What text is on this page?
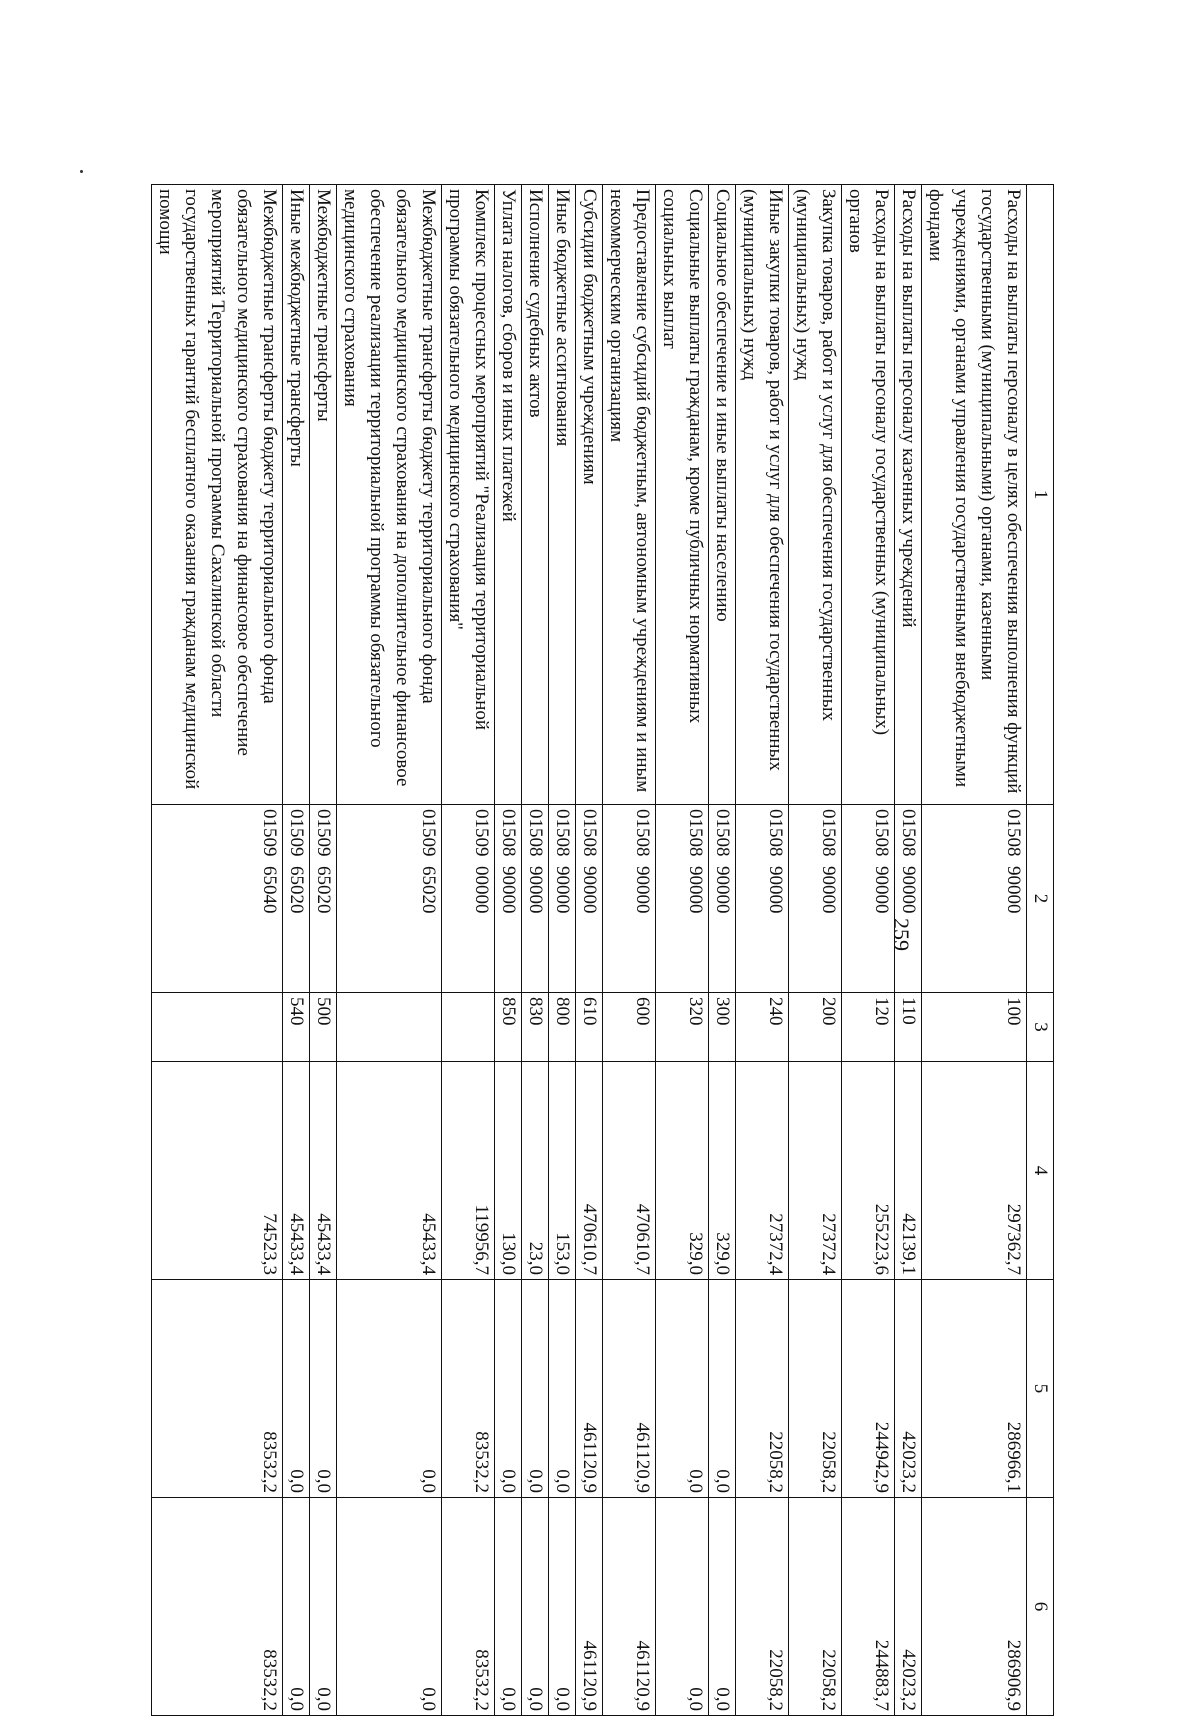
259
1	2	3	4	5	6
Расходы на выплаты персоналу в целях обеспечения выполнения функций государственными (муниципальными) органами, казенными учреждениями, органами управления государственными внебюджетными фондами	01508  90000	100	297362,7	286966,1	286906,9
Расходы на выплаты персоналу казенных учреждений	01508  90000	110	42139,1	42023,2	42023,2
Расходы на выплаты персоналу государственных (муниципальных) органов	01508  90000	120	255223,6	244942,9	244883,7
Закупка товаров, работ и услуг для обеспечения государственных (муниципальных) нужд	01508  90000	200	27372,4	22058,2	22058,2
Иные закупки товаров, работ и услуг для обеспечения государственных (муниципальных) нужд	01508  90000	240	27372,4	22058,2	22058,2
Социальное обеспечение и иные выплаты населению	01508  90000	300	329,0	0,0	0,0
Социальные выплаты гражданам, кроме публичных нормативных социальных выплат	01508  90000	320	329,0	0,0	0,0
Предоставление субсидий бюджетным, автономным учреждениям и иным некоммерческим организациям	01508  90000	600	470610,7	461120,9	461120,9
Субсидии бюджетным учреждениям	01508  90000	610	470610,7	461120,9	461120,9
Иные бюджетные ассигнования	01508  90000	800	153,0	0,0	0,0
Исполнение судебных актов	01508  90000	830	23,0	0,0	0,0
Уплата налогов, сборов и иных платежей	01508  90000	850	130,0	0,0	0,0
Комплекс процессных мероприятий "Реализация территориальной программы обязательного медицинского страхования"	01509  00000		119956,7	83532,2	83532,2
Межбюджетные трансферты бюджету территориального фонда обязательного медицинского страхования на дополнительное финансовое обеспечение реализации территориальной программы обязательного медицинского страхования	01509  65020		45433,4	0,0	0,0
Межбюджетные трансферты	01509  65020	500	45433,4	0,0	0,0
Иные межбюджетные трансферты	01509  65020	540	45433,4	0,0	0,0
Межбюджетные трансферты бюджету территориального фонда обязательного медицинского страхования на финансовое обеспечение мероприятий Территориальной программы Сахалинской области государственных гарантий бесплатного оказания гражданам медицинской помощи	01509  65040		74523,3	83532,2	83532,2
